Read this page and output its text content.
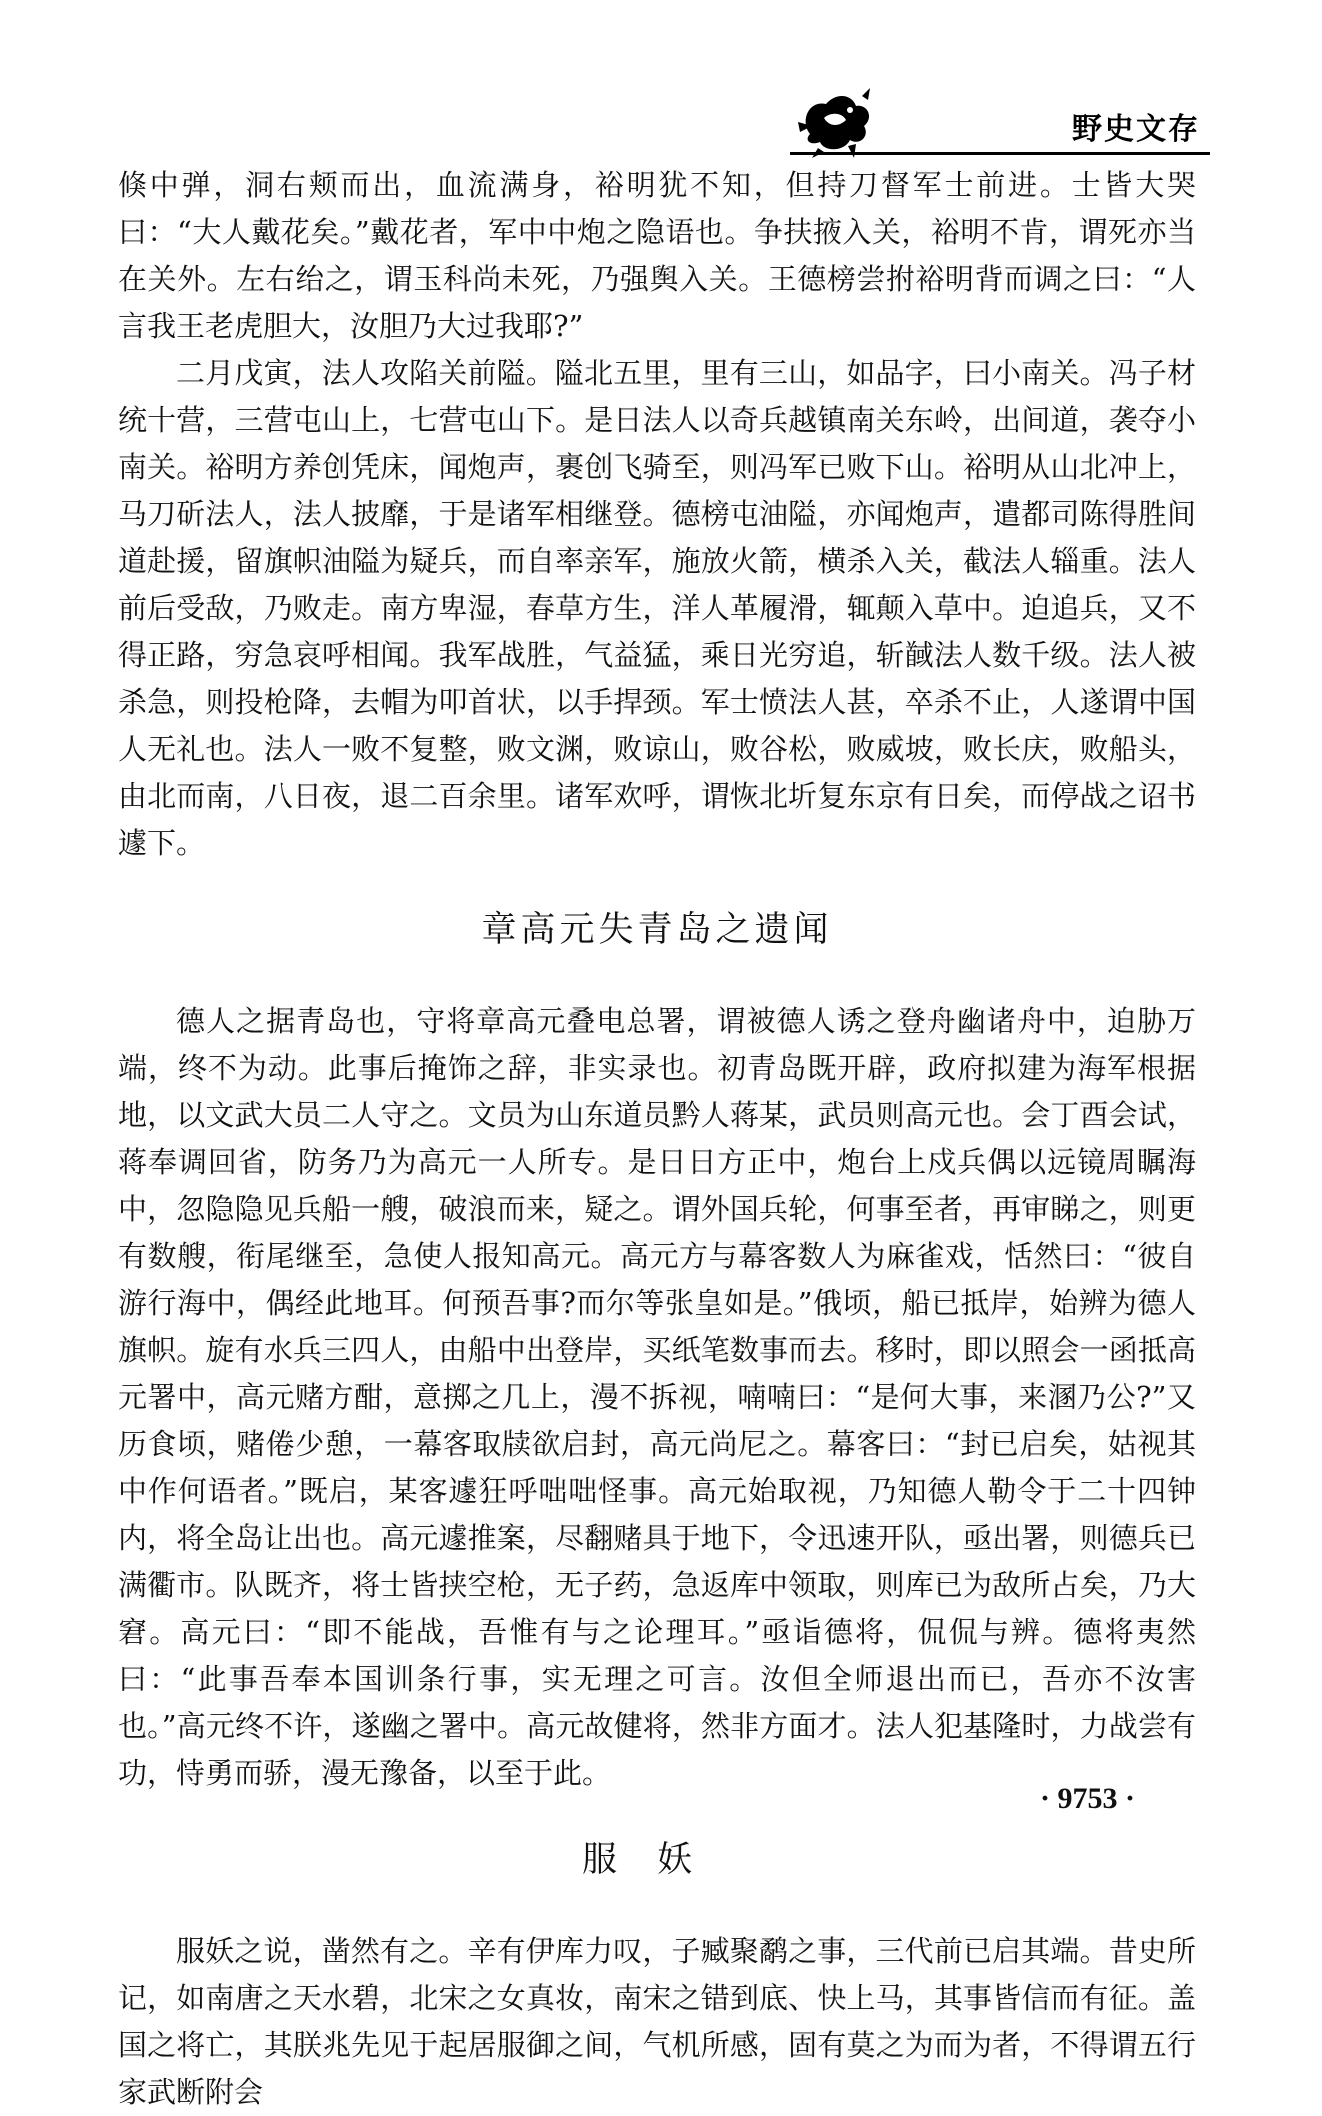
野史文存

倏中弹，洞右颊而出，血流满身，裕明犹不知，但持刀督军士前进。士皆大哭曰：“大人戴花矣。”戴花者，军中中炮之隐语也。争扶掖入关，裕明不肯，谓死亦当在关外。左右绐之，谓玉科尚未死，乃强舆入关。王德榜尝拊裕明背而调之曰：“人言我王老虎胆大，汝胆乃大过我耶?”

二月戊寅，法人攻陷关前隘。隘北五里，里有三山，如品字，曰小南关。冯子材统十营，三营屯山上，七营屯山下。是日法人以奇兵越镇南关东岭，出间道，袭夺小南关。裕明方养创凭床，闻炮声，裹创飞骑至，则冯军已败下山。裕明从山北冲上，马刀斫法人，法人披靡，于是诸军相继登。德榜屯油隘，亦闻炮声，遣都司陈得胜间道赴援，留旗帜油隘为疑兵，而自率亲军，施放火箭，横杀入关，截法人辎重。法人前后受敌，乃败走。南方卑湿，春草方生，洋人革履滑，辄颠入草中。迫追兵，又不得正路，穷急哀呼相闻。我军战胜，气益猛，乘日光穷追，斩馘法人数千级。法人被杀急，则投枪降，去帽为叩首状，以手捍颈。军士愤法人甚，卒杀不止，人遂谓中国人无礼也。法人一败不复整，败文渊，败谅山，败谷松，败威坡，败长庆，败船头，由北而南，八日夜，退二百余里。诸军欢呼，谓恢北圻复东京有日矣，而停战之诏书遽下。

章高元失青岛之遗闻

德人之据青岛也，守将章高元叠电总署，谓被德人诱之登舟幽诸舟中，迫胁万端，终不为动。此事后掩饰之辞，非实录也。初青岛既开辟，政府拟建为海军根据地，以文武大员二人守之。文员为山东道员黔人蒋某，武员则高元也。会丁酉会试，蒋奉调回省，防务乃为高元一人所专。是日日方正中，炮台上戍兵偶以远镜周瞩海中，忽隐隐见兵船一艘，破浪而来，疑之。谓外国兵轮，何事至者，再审睇之，则更有数艘，衔尾继至，急使人报知高元。高元方与幕客数人为麻雀戏，恬然曰：“彼自游行海中，偶经此地耳。何预吾事?而尔等张皇如是。”俄顷，船已抵岸，始辨为德人旗帜。旋有水兵三四人，由船中出登岸，买纸笔数事而去。移时，即以照会一函抵高元署中，高元赌方酣，意掷之几上，漫不拆视，喃喃曰：“是何大事，来溷乃公?”又历食顷，赌倦少憩，一幕客取牍欲启封，高元尚尼之。幕客曰：“封已启矣，姑视其中作何语者。”既启，某客遽狂呼咄咄怪事。高元始取视，乃知德人勒令于二十四钟内，将全岛让出也。高元遽推案，尽翻赌具于地下，令迅速开队，亟出署，则德兵已满衢市。队既齐，将士皆挟空枪，无子药，急返库中领取，则库已为敌所占矣，乃大窘。高元曰：“即不能战，吾惟有与之论理耳。”亟诣德将，侃侃与辨。德将夷然曰：“此事吾奉本国训条行事，实无理之可言。汝但全师退出而已，吾亦不汝害也。”高元终不许，遂幽之署中。高元故健将，然非方面才。法人犯基隆时，力战尝有功，恃勇而骄，漫无豫备，以至于此。

服妖

服妖之说，凿然有之。辛有伊库力叹，子臧聚鹬之事，三代前已启其端。昔史所记，如南唐之天水碧，北宋之女真妆，南宋之错到底、快上马，其事皆信而有征。盖国之将亡，其朕兆先见于起居服御之间，气机所感，固有莫之为而为者，不得谓五行家武断附会

· 9753 ·
